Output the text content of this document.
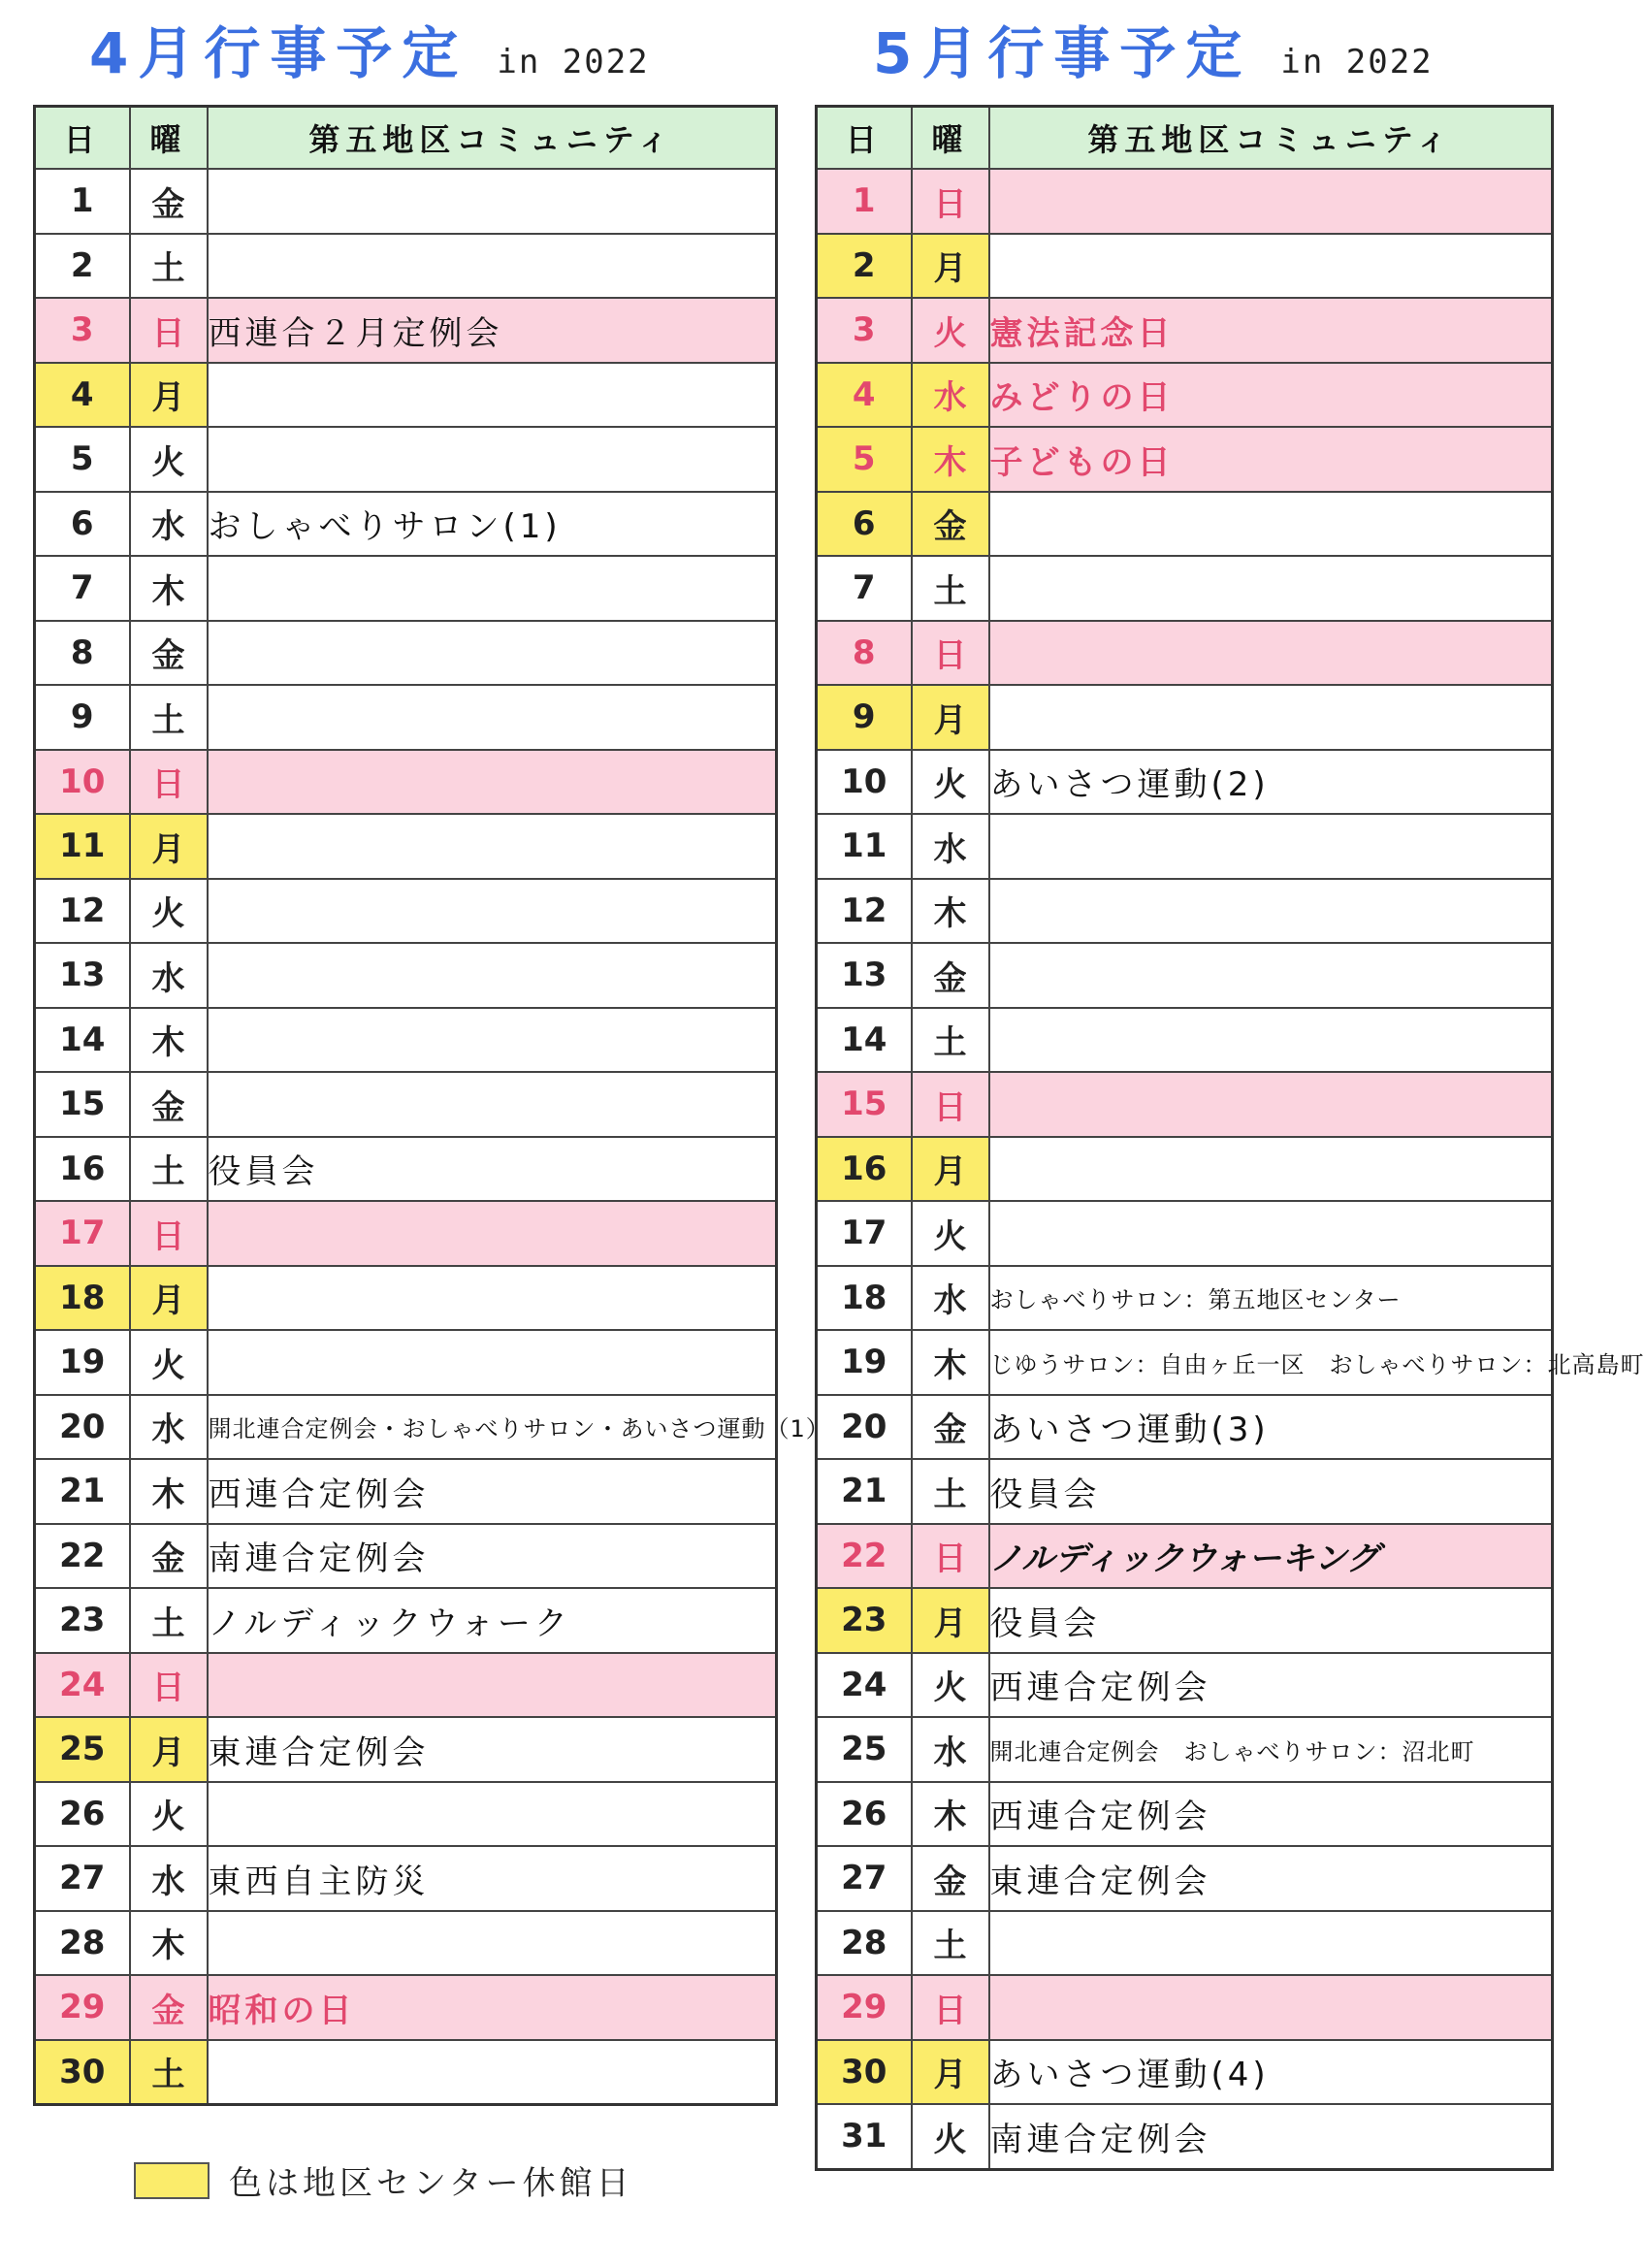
4月行事予定 in 2022	5月行事予定 in 2022
日	曜	第五地区コミュニティ
1	金	
2	土	
3	日	西連合２月定例会
4	月	
5	火	
6	水	おしゃべりサロン(1)
7	木	
8	金	
9	土	
10	日	
11	月	
12	火	
13	水	
14	木	
15	金	
16	土	役員会
17	日	
18	月	
19	火	
20	水	開北連合定例会・おしゃべりサロン・あいさつ運動（1）
21	木	西連合定例会
22	金	南連合定例会
23	土	ノルディックウォーク
24	日	
25	月	東連合定例会
26	火	
27	水	東西自主防災
28	木	
29	金	昭和の日
30	土	
日	曜	第五地区コミュニティ
1	日	
2	月	
3	火	憲法記念日
4	水	みどりの日
5	木	子どもの日
6	金	
7	土	
8	日	
9	月	
10	火	あいさつ運動(2)
11	水	
12	木	
13	金	
14	土	
15	日	
16	月	
17	火	
18	水	おしゃべりサロン：第五地区センター
19	木	じゆうサロン：自由ヶ丘一区　おしゃべりサロン：北高島町
20	金	あいさつ運動(3)
21	土	役員会
22	日	ノルディックウォーキング
23	月	役員会
24	火	西連合定例会
25	水	開北連合定例会　おしゃべりサロン：沼北町
26	木	西連合定例会
27	金	東連合定例会
28	土	
29	日	
30	月	あいさつ運動(4)
31	火	南連合定例会
色は地区センター休館日
